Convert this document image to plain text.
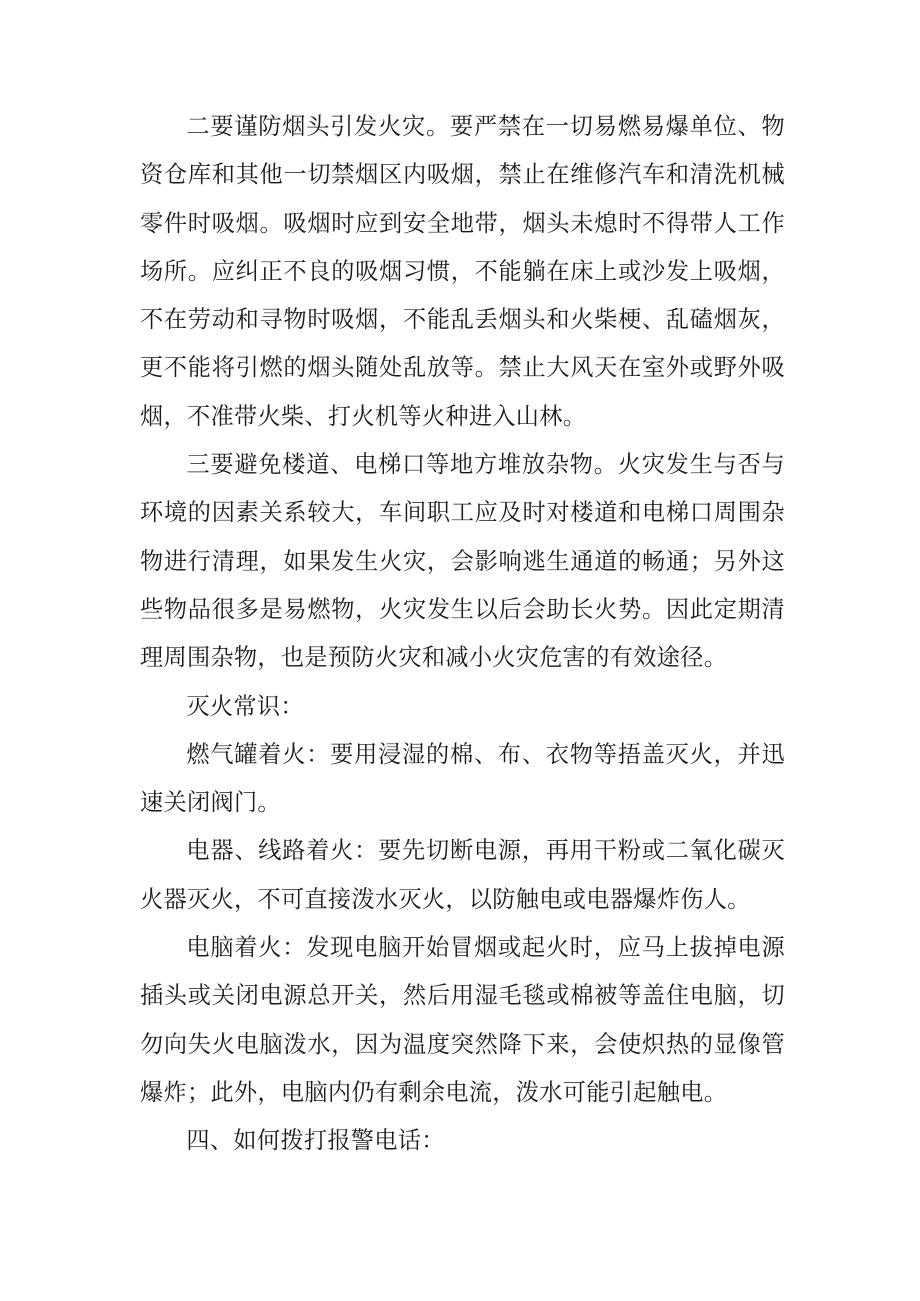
二要谨防烟头引发火灾。要严禁在一切易燃易爆单位、物资仓库和其他一切禁烟区内吸烟，禁止在维修汽车和清洗机械零件时吸烟。吸烟时应到安全地带，烟头未熄时不得带人工作场所。应纠正不良的吸烟习惯，不能躺在床上或沙发上吸烟，不在劳动和寻物时吸烟，不能乱丢烟头和火柴梗、乱磕烟灰，更不能将引燃的烟头随处乱放等。禁止大风天在室外或野外吸烟，不准带火柴、打火机等火种进入山林。

三要避免楼道、电梯口等地方堆放杂物。火灾发生与否与环境的因素关系较大，车间职工应及时对楼道和电梯口周围杂物进行清理，如果发生火灾，会影响逃生通道的畅通；另外这些物品很多是易燃物，火灾发生以后会助长火势。因此定期清理周围杂物，也是预防火灾和减小火灾危害的有效途径。

灭火常识：

燃气罐着火：要用浸湿的棉、布、衣物等捂盖灭火，并迅速关闭阀门。

电器、线路着火：要先切断电源，再用干粉或二氧化碳灭火器灭火，不可直接泼水灭火，以防触电或电器爆炸伤人。

电脑着火：发现电脑开始冒烟或起火时，应马上拔掉电源插头或关闭电源总开关，然后用湿毛毯或棉被等盖住电脑，切勿向失火电脑泼水，因为温度突然降下来，会使炽热的显像管爆炸；此外，电脑内仍有剩余电流，泼水可能引起触电。

四、如何拨打报警电话：
